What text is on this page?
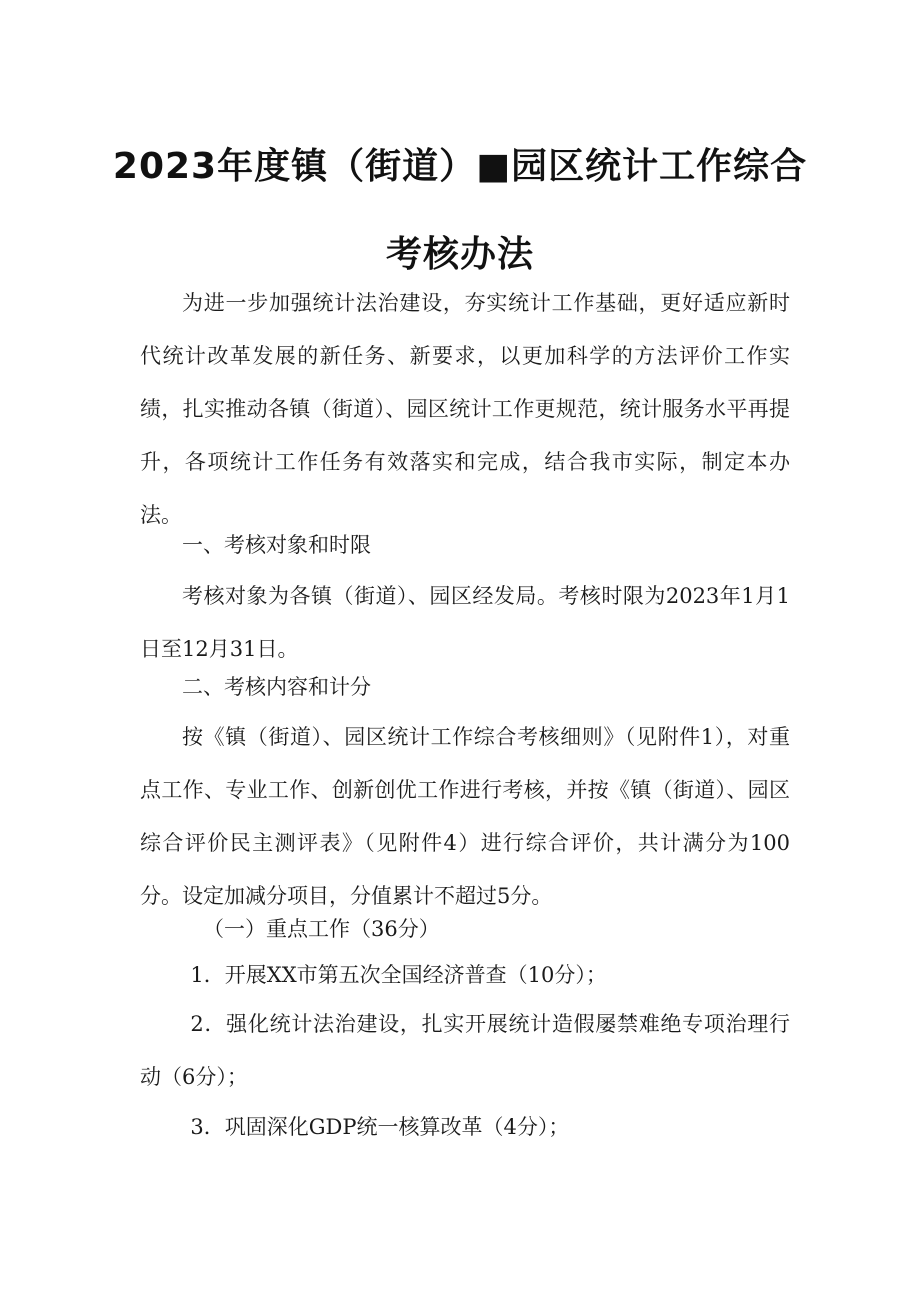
2023年度镇（街道）■园区统计工作综合
考核办法

为进一步加强统计法治建设，夯实统计工作基础，更好适应新时代统计改革发展的新任务、新要求，以更加科学的方法评价工作实绩，扎实推动各镇（街道）、园区统计工作更规范，统计服务水平再提升，各项统计工作任务有效落实和完成，结合我市实际，制定本办法。

一、考核对象和时限

考核对象为各镇（街道）、园区经发局。考核时限为2023年1月1日至12月31日。

二、考核内容和计分

按《镇（街道）、园区统计工作综合考核细则》（见附件1），对重点工作、专业工作、创新创优工作进行考核，并按《镇（街道）、园区综合评价民主测评表》（见附件4）进行综合评价，共计满分为100分。设定加减分项目，分值累计不超过5分。

（一）重点工作（36分）

1．开展XX市第五次全国经济普查（10分）；

2．强化统计法治建设，扎实开展统计造假屡禁难绝专项治理行动（6分）；

3．巩固深化GDP统一核算改革（4分）；
